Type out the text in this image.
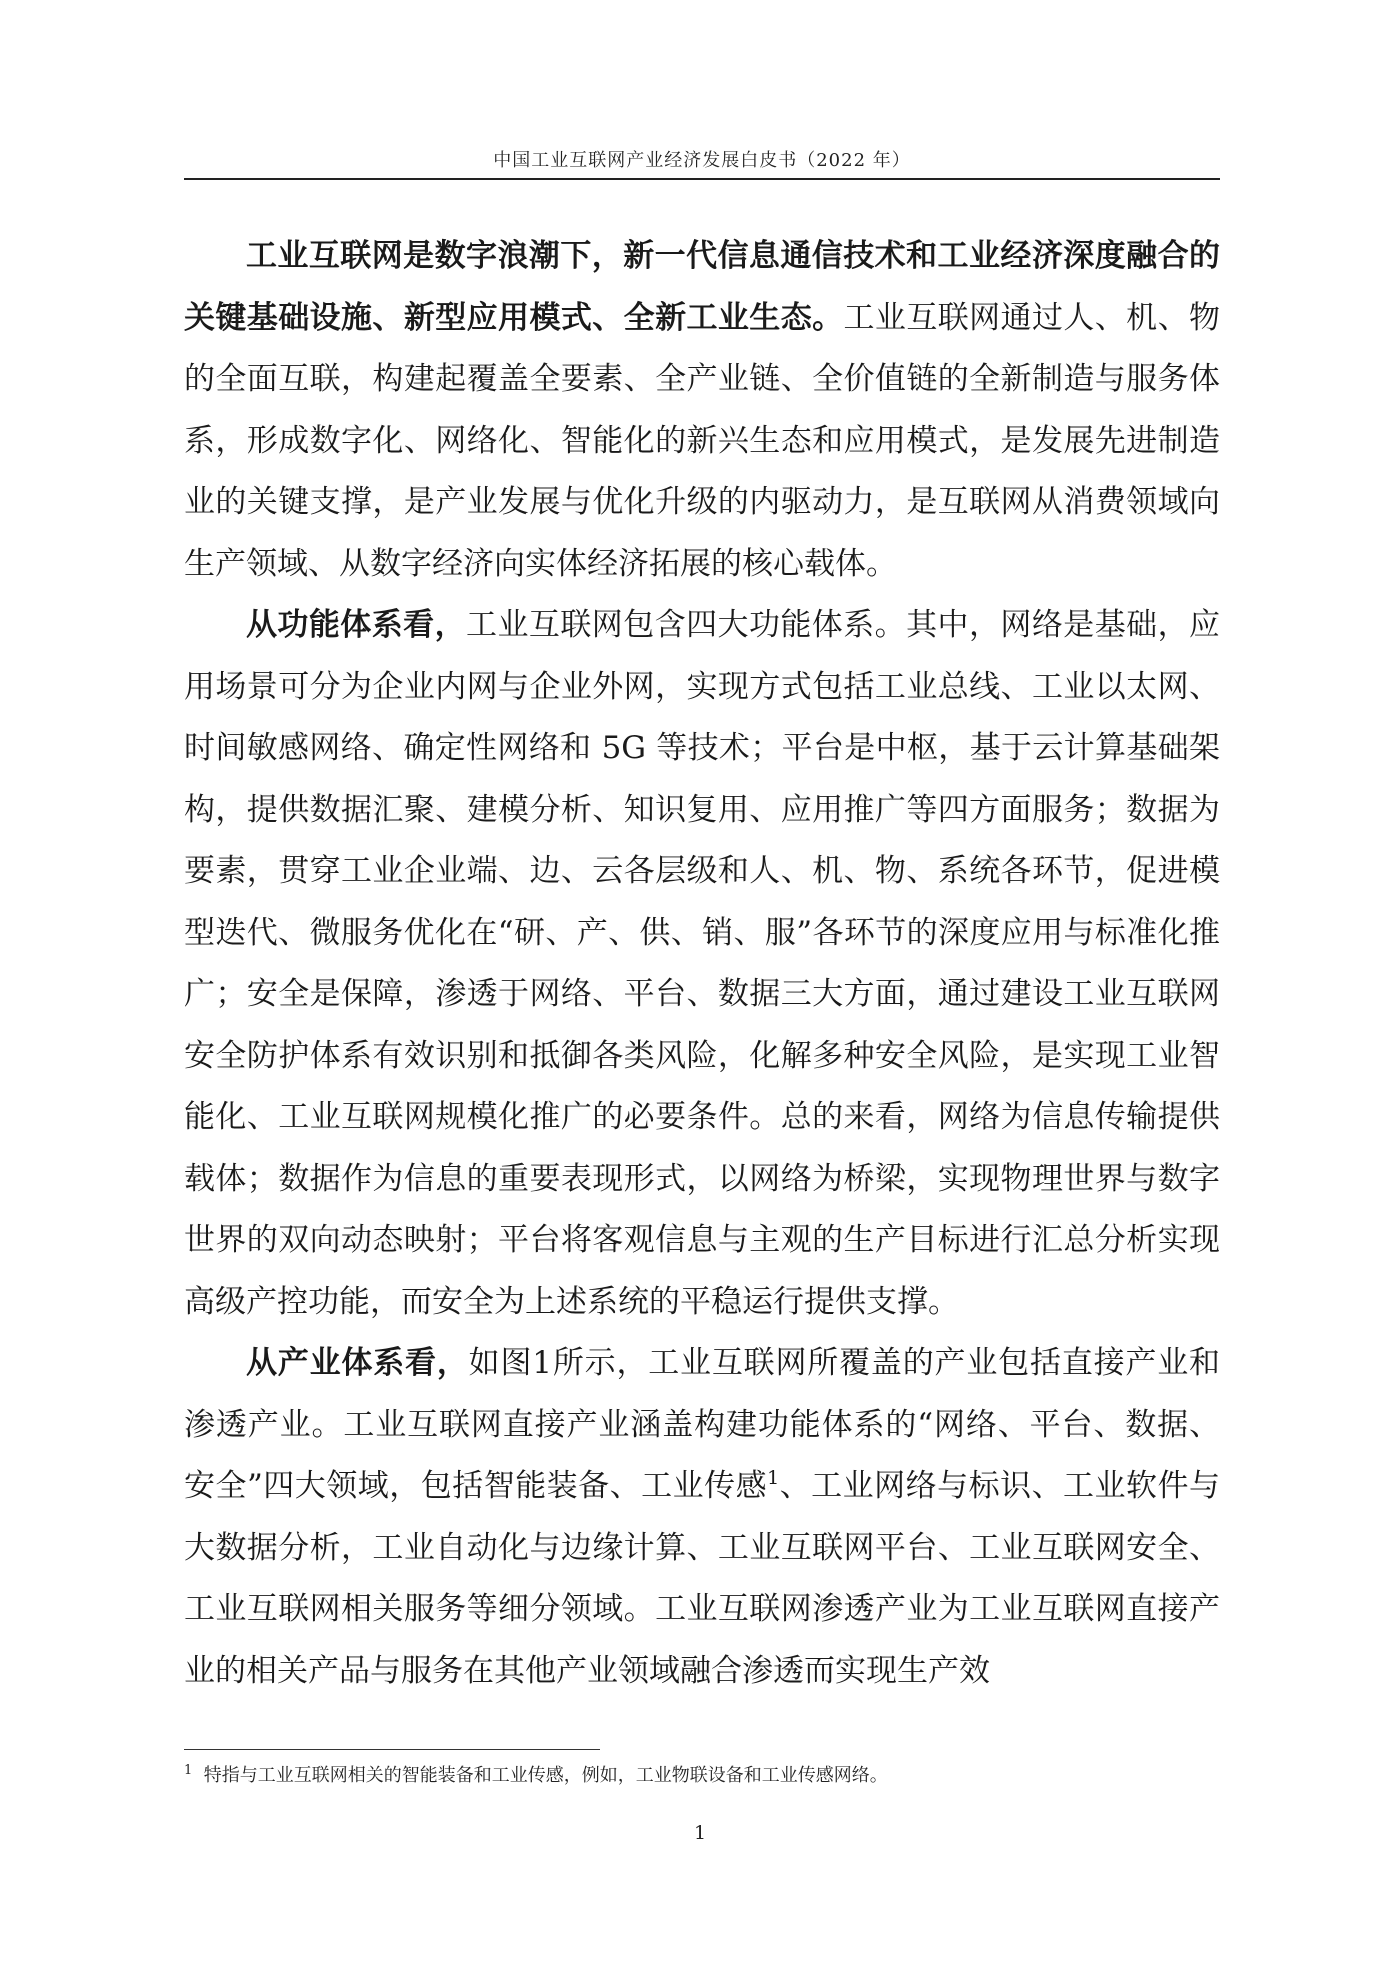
中国工业互联网产业经济发展白皮书（2022 年）

工业互联网是数字浪潮下，新一代信息通信技术和工业经济深度融合的关键基础设施、新型应用模式、全新工业生态。工业互联网通过人、机、物的全面互联，构建起覆盖全要素、全产业链、全价值链的全新制造与服务体系，形成数字化、网络化、智能化的新兴生态和应用模式，是发展先进制造业的关键支撑，是产业发展与优化升级的内驱动力，是互联网从消费领域向生产领域、从数字经济向实体经济拓展的核心载体。

从功能体系看，工业互联网包含四大功能体系。其中，网络是基础，应用场景可分为企业内网与企业外网，实现方式包括工业总线、工业以太网、时间敏感网络、确定性网络和 5G 等技术；平台是中枢，基于云计算基础架构，提供数据汇聚、建模分析、知识复用、应用推广等四方面服务；数据为要素，贯穿工业企业端、边、云各层级和人、机、物、系统各环节，促进模型迭代、微服务优化在“研、产、供、销、服”各环节的深度应用与标准化推广；安全是保障，渗透于网络、平台、数据三大方面，通过建设工业互联网安全防护体系有效识别和抵御各类风险，化解多种安全风险，是实现工业智能化、工业互联网规模化推广的必要条件。总的来看，网络为信息传输提供载体；数据作为信息的重要表现形式，以网络为桥梁，实现物理世界与数字世界的双向动态映射；平台将客观信息与主观的生产目标进行汇总分析实现高级产控功能，而安全为上述系统的平稳运行提供支撑。

从产业体系看，如图1所示，工业互联网所覆盖的产业包括直接产业和渗透产业。工业互联网直接产业涵盖构建功能体系的“网络、平台、数据、安全”四大领域，包括智能装备、工业传感$^1$、工业网络与标识、工业软件与大数据分析，工业自动化与边缘计算、工业互联网平台、工业互联网安全、工业互联网相关服务等细分领域。工业互联网渗透产业为工业互联网直接产业的相关产品与服务在其他产业领域融合渗透而实现生产效

$^1$ 特指与工业互联网相关的智能装备和工业传感，例如，工业物联设备和工业传感网络。
1
